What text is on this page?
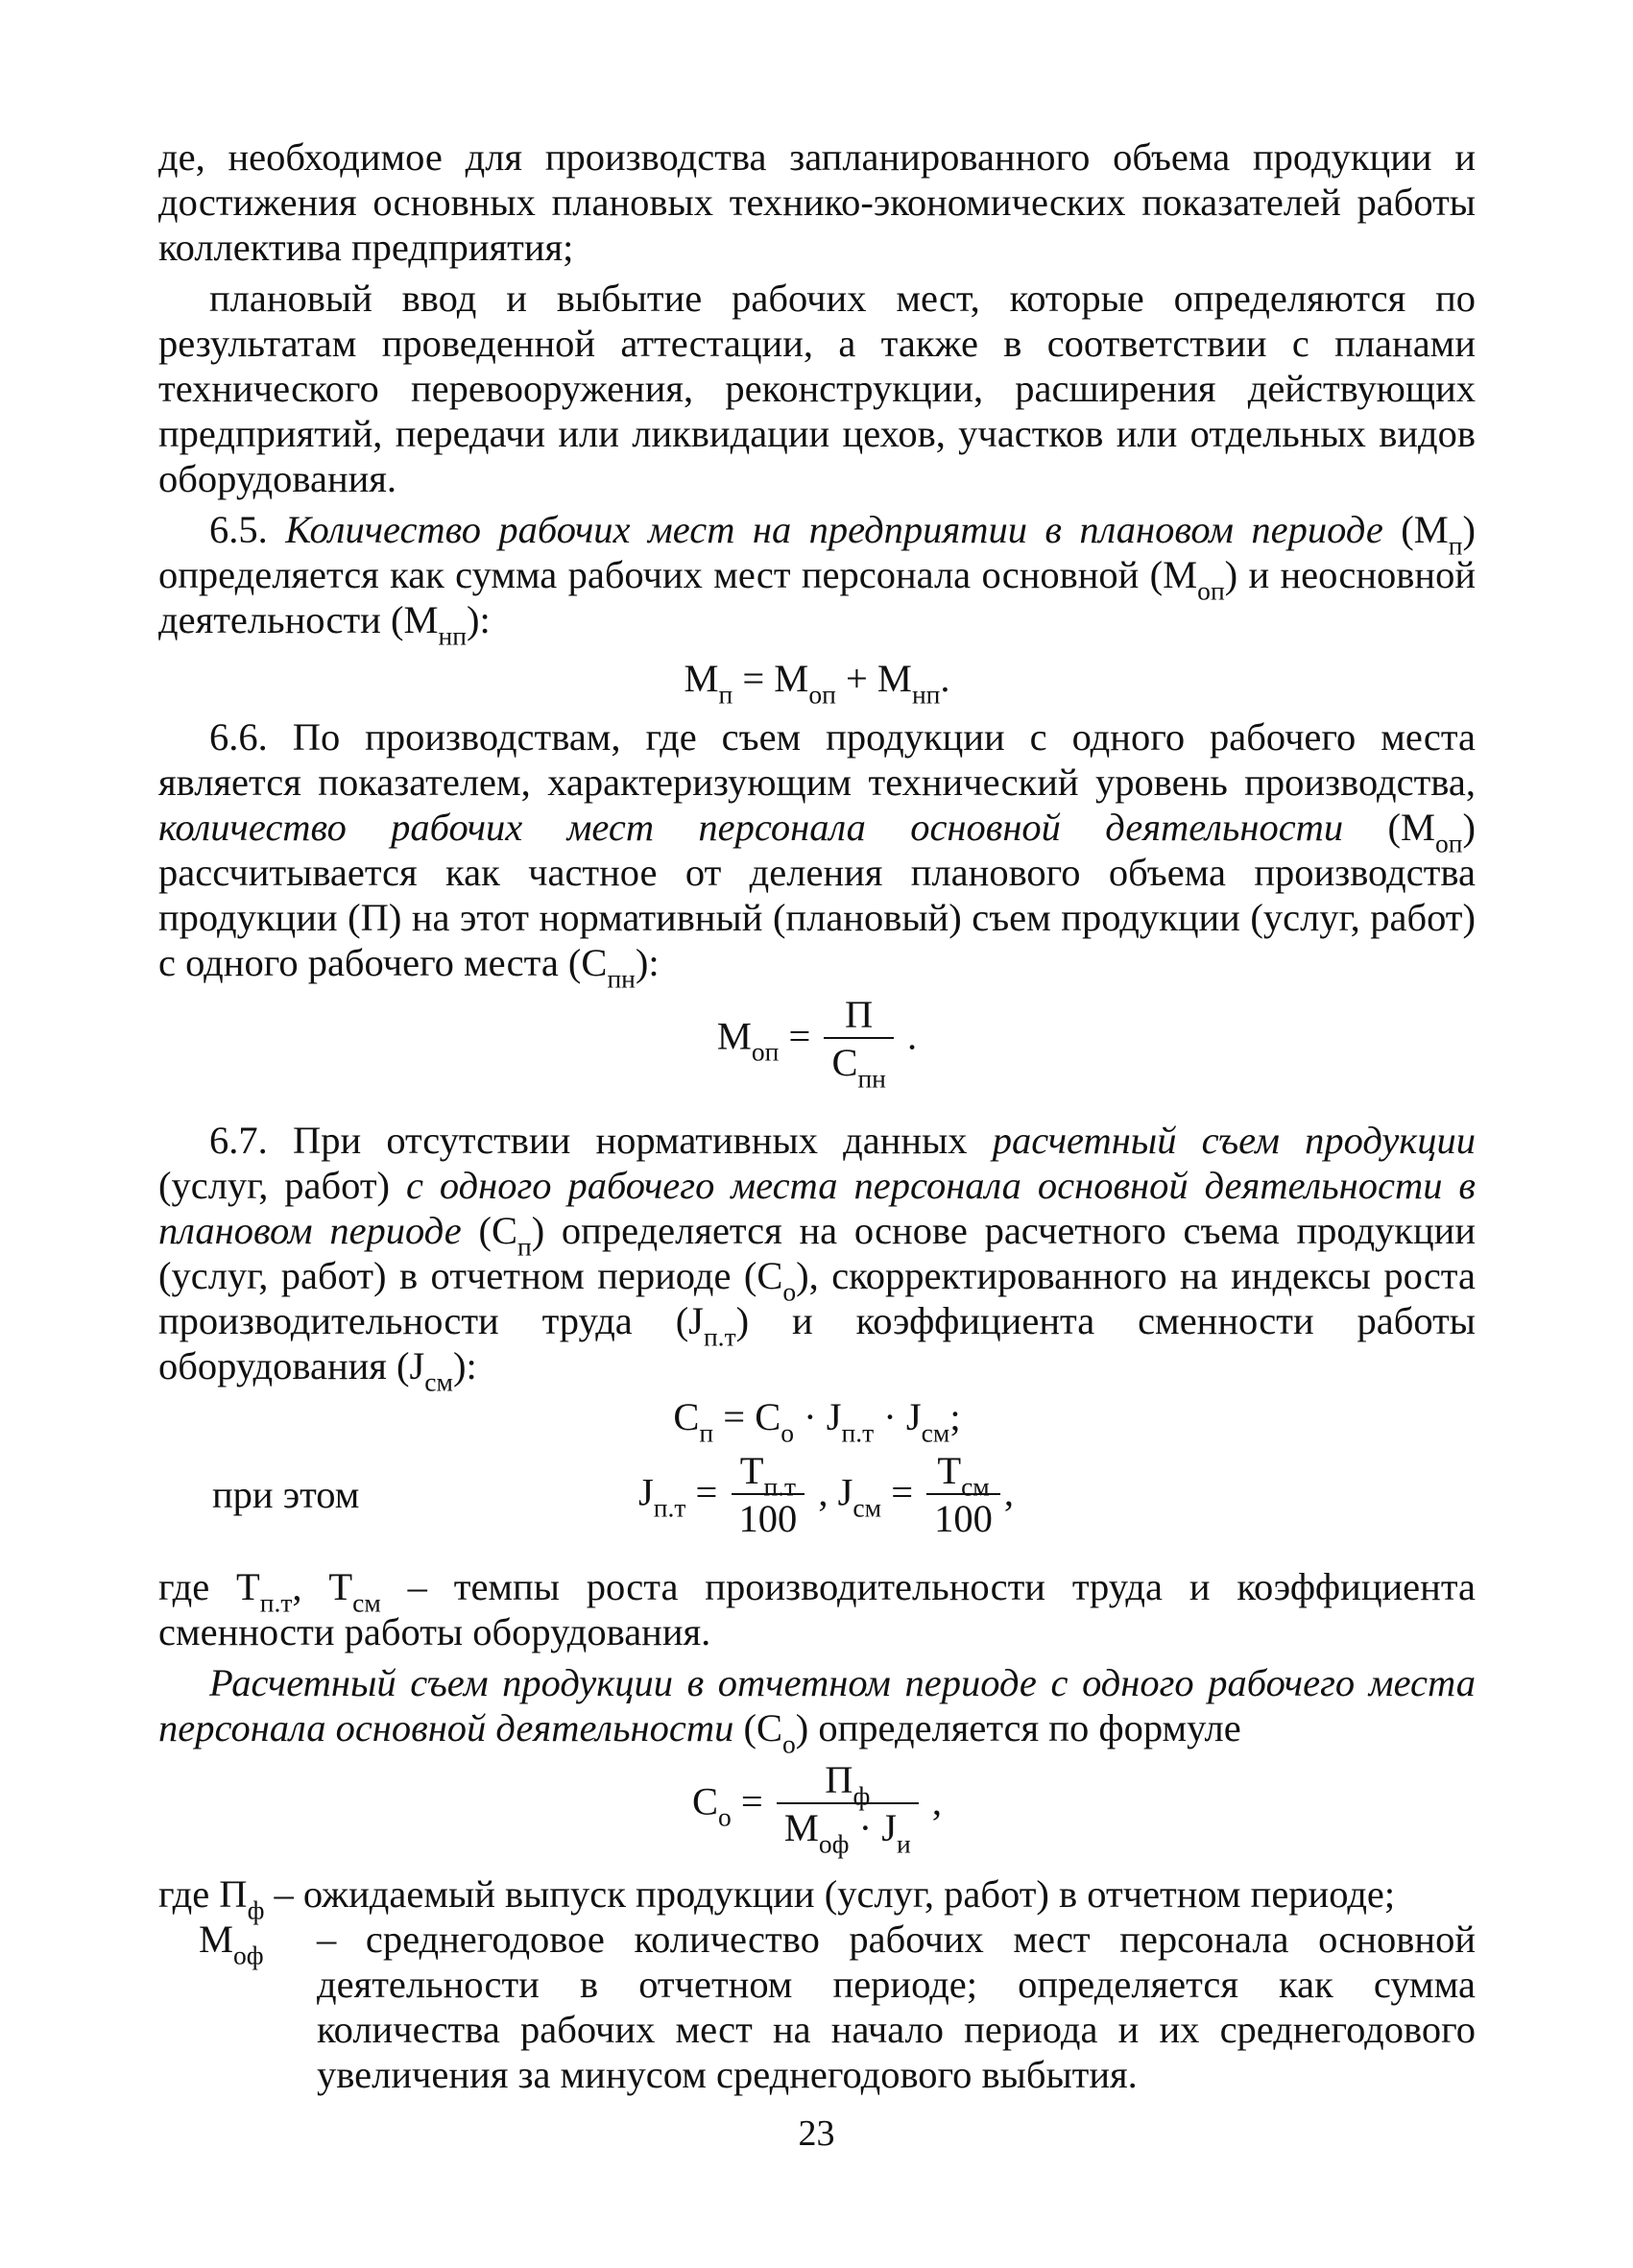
де, необходимое для производства запланированного объема продукции и достижения основных плановых технико-экономических показателей работы коллектива предприятия;

плановый ввод и выбытие рабочих мест, которые определяются по результатам проведенной аттестации, а также в соответствии с планами технического перевооружения, реконструкции, расширения действующих предприятий, передачи или ликвидации цехов, участков или отдельных видов оборудования.

6.5. Количество рабочих мест на предприятии в плановом периоде $(М_п)$ определяется как сумма рабочих мест персонала основной $(М_{оп})$ и неосновной деятельности $(М_{нп})$:

$М_п = М_{оп} + М_{нп}$.

6.6. По производствам, где съем продукции с одного рабочего места является показателем, характеризующим технический уровень производства, количество рабочих мест персонала основной деятельности $(М_{оп})$ рассчитывается как частное от деления планового объема производства продукции (П) на этот нормативный (плановый) съем продукции (услуг, работ) с одного рабочего места $(С_{пн})$:

$М_{оп} = \frac{П}{С_{пн}}$ .

6.7. При отсутствии нормативных данных расчетный съем продукции (услуг, работ) с одного рабочего места персонала основной деятельности в плановом периоде $(С_п)$ определяется на основе расчетного съема продукции (услуг, работ) в отчетном периоде $(С_о)$, скорректированного на индексы роста производительности труда $(J_{п.т})$ и коэффициента сменности работы оборудования $(J_{см})$:

$С_п = С_о \cdot J_{п.т} \cdot J_{см}$;

при этом	$J_{п.т} = \frac{Т_{п.т}}{100}$ , $J_{см} = \frac{Т_{см}}{100}$ ,

где $Т_{п.т}$, $Т_{см}$ – темпы роста производительности труда и коэффициента сменности работы оборудования.

Расчетный съем продукции в отчетном периоде с одного рабочего места персонала основной деятельности $(С_о)$ определяется по формуле

$С_о = \frac{П_ф}{М_{оф} \cdot J_и}$ ,

где $П_ф$ – ожидаемый выпуск продукции (услуг, работ) в отчетном периоде;

$М_{оф}$ – среднегодовое количество рабочих мест персонала основной деятельности в отчетном периоде; определяется как сумма количества рабочих мест на начало периода и их среднегодового увеличения за минусом среднегодового выбытия.
23
